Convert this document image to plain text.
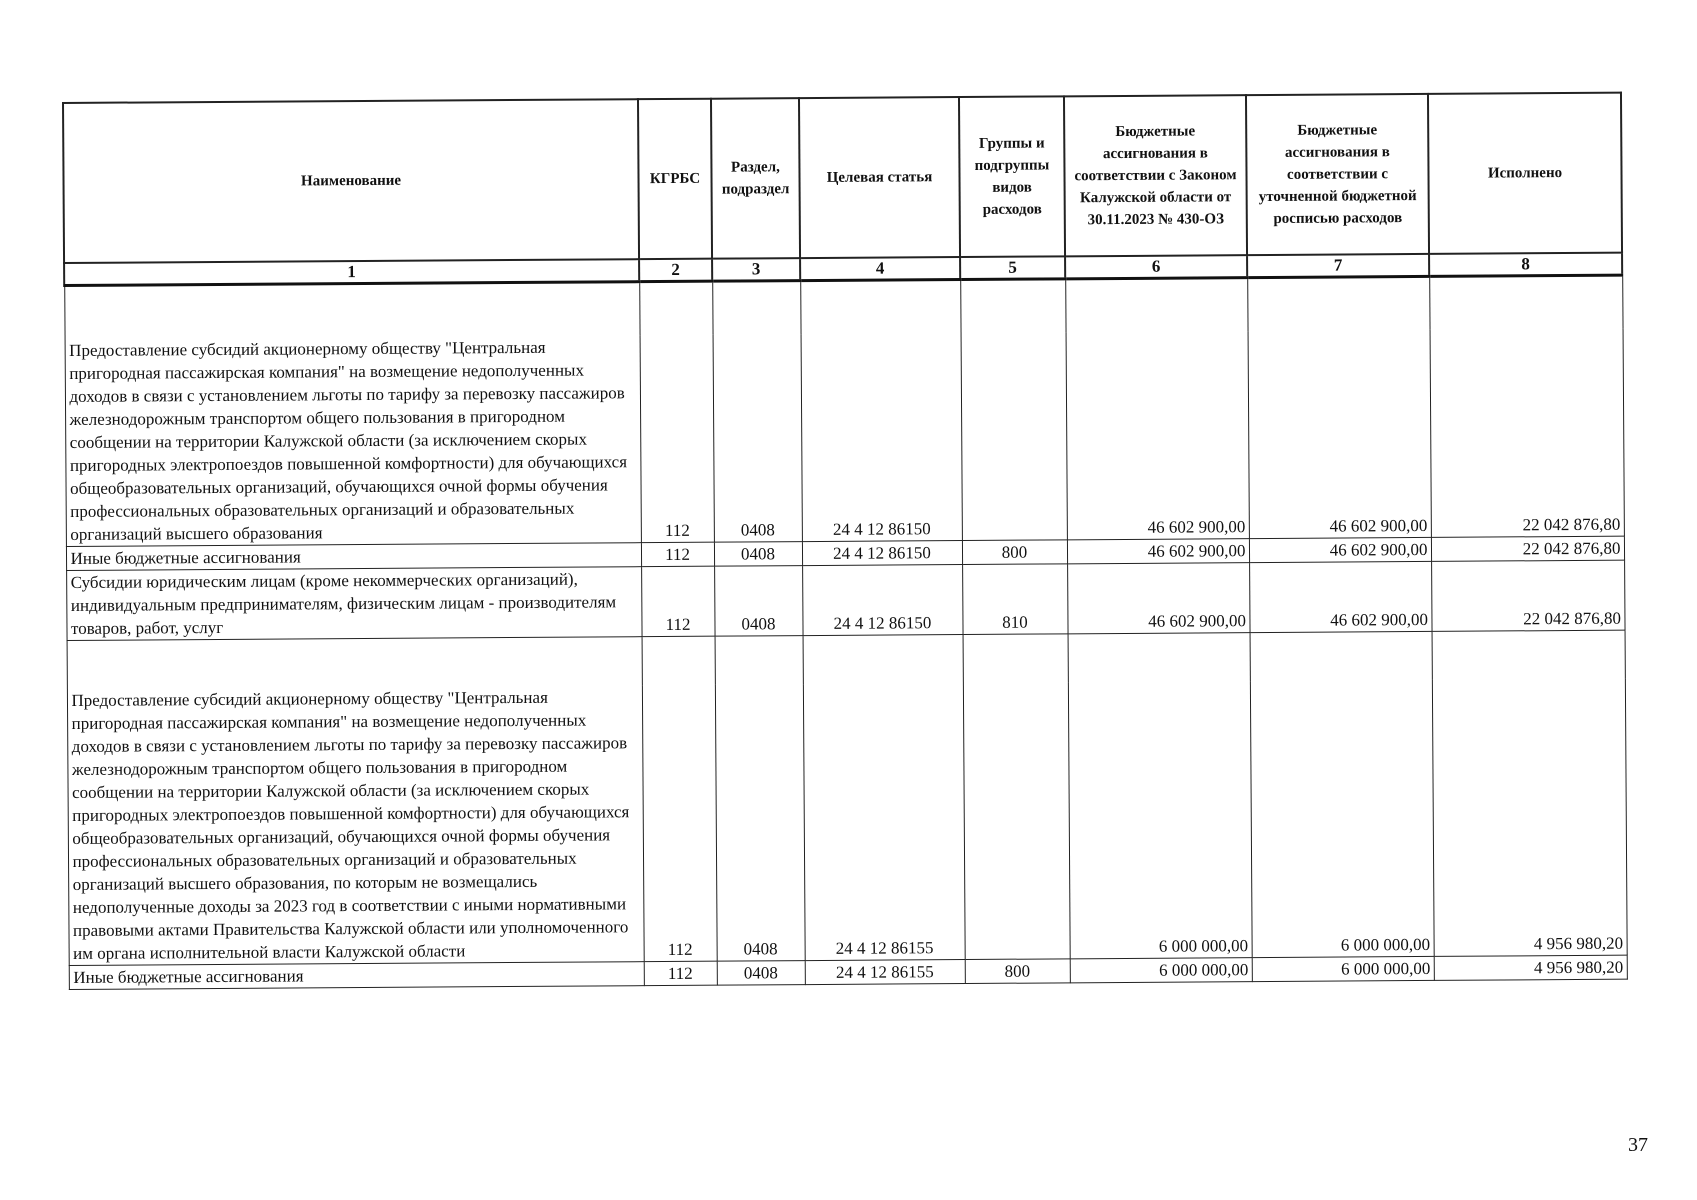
Наименование	КГРБС	Раздел, подраздел	Целевая статья	Группы и подгруппы видов расходов	Бюджетные ассигнования в соответствии с Законом Калужской области от 30.11.2023 № 430-ОЗ	Бюджетные ассигнования в соответствии с уточненной бюджетной росписью расходов	Исполнено
1	2	3	4	5	6	7	8

Предоставление субсидий акционерному обществу "Центральная пригородная пассажирская компания" на возмещение недополученных доходов в связи с установлением льготы по тарифу за перевозку пассажиров железнодорожным транспортом общего пользования в пригородном сообщении на территории Калужской области (за исключением скорых пригородных электропоездов повышенной комфортности) для обучающихся общеобразовательных организаций, обучающихся очной формы обучения профессиональных образовательных организаций и образовательных организаций высшего образования	112	0408	24 4 12 86150		46 602 900,00	46 602 900,00	22 042 876,80
Иные бюджетные ассигнования	112	0408	24 4 12 86150	800	46 602 900,00	46 602 900,00	22 042 876,80
Субсидии юридическим лицам (кроме некоммерческих организаций), индивидуальным предпринимателям, физическим лицам - производителям товаров, работ, услуг	112	0408	24 4 12 86150	810	46 602 900,00	46 602 900,00	22 042 876,80

Предоставление субсидий акционерному обществу "Центральная пригородная пассажирская компания" на возмещение недополученных доходов в связи с установлением льготы по тарифу за перевозку пассажиров железнодорожным транспортом общего пользования в пригородном сообщении на территории Калужской области (за исключением скорых пригородных электропоездов повышенной комфортности) для обучающихся общеобразовательных организаций, обучающихся очной формы обучения профессиональных образовательных организаций и образовательных организаций высшего образования, по которым не возмещались недополученные доходы за 2023 год в соответствии с иными нормативными правовыми актами Правительства Калужской области или уполномоченного им органа исполнительной власти Калужской области	112	0408	24 4 12 86155		6 000 000,00	6 000 000,00	4 956 980,20
Иные бюджетные ассигнования	112	0408	24 4 12 86155	800	6 000 000,00	6 000 000,00	4 956 980,20
37
